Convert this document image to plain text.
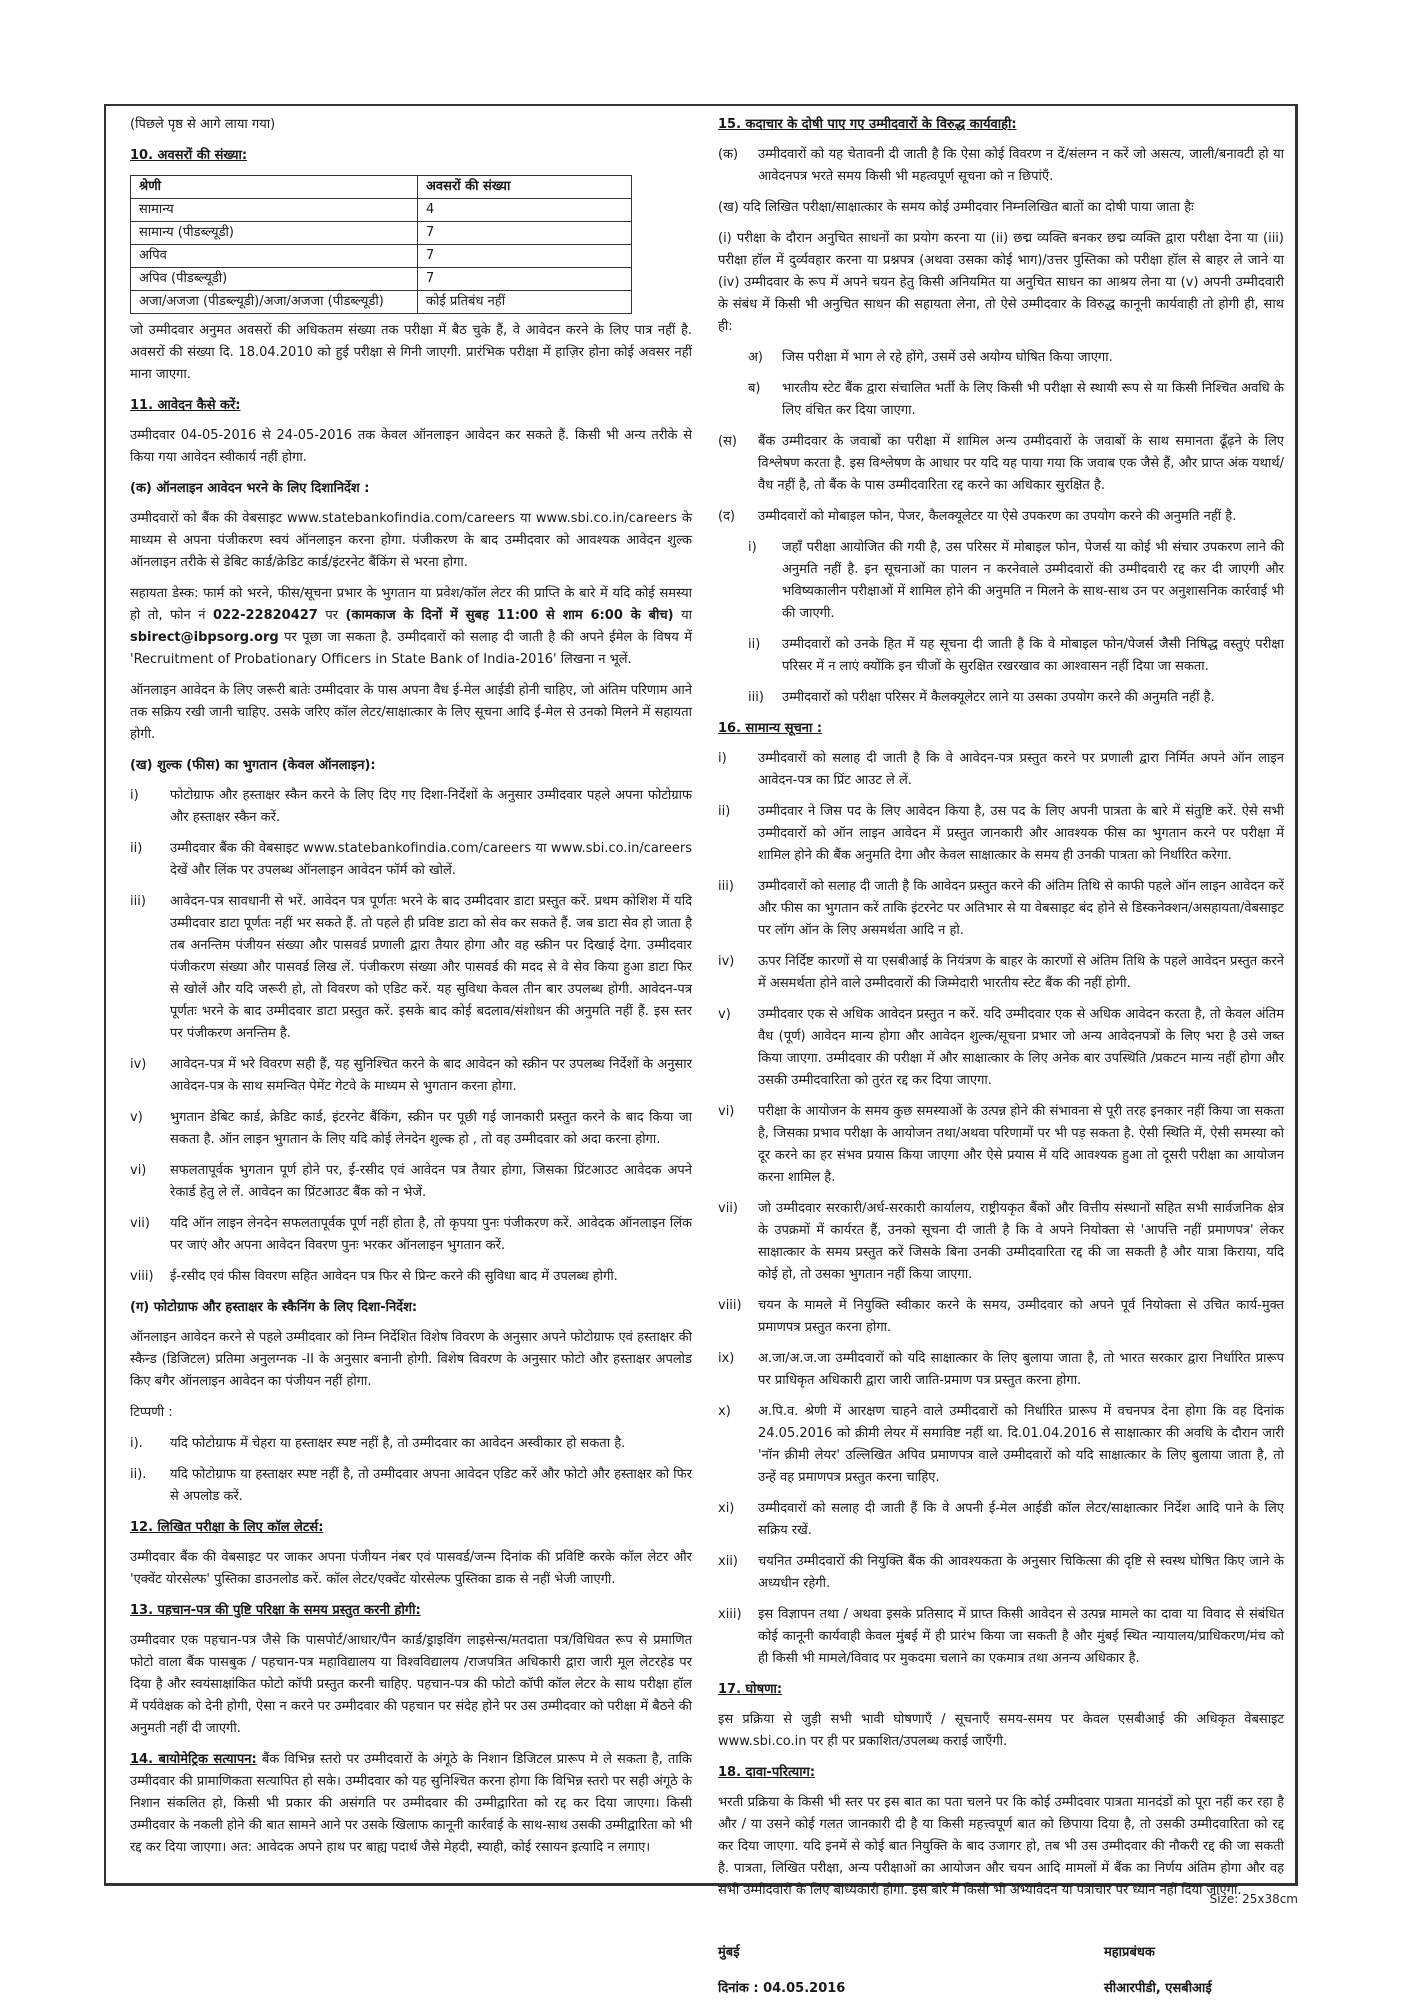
(पिछले पृष्ठ से आगे लाया गया)

10. अवसरों की संख्या:
श्रेणी	अवसरों की संख्या
सामान्य	4
सामान्य (पीडब्ल्यूडी)	7
अपिव	7
अपिव (पीडब्ल्यूडी)	7
अजा/अजजा (पीडब्ल्यूडी)/अजा/अजजा (पीडब्ल्यूडी)	कोई प्रतिबंध नहीं

जो उम्मीदवार अनुमत अवसरों की अधिकतम संख्या तक परीक्षा में बैठ चुके हैं, वे आवेदन करने के लिए पात्र नहीं है. अवसरों की संख्या दि. 18.04.2010 को हुई परीक्षा से गिनी जाएगी. प्रारंभिक परीक्षा में हाज़िर होना कोई अवसर नहीं माना जाएगा.

11. आवेदन कैसे करें:

उम्मीदवार 04-05-2016 से 24-05-2016 तक केवल ऑनलाइन आवेदन कर सकते हैं. किसी भी अन्य तरीके से किया गया आवेदन स्वीकार्य नहीं होगा.

(क) ऑनलाइन आवेदन भरने के लिए दिशानिर्देश :

उम्मीदवारों को बैंक की वेबसाइट www.statebankofindia.com/careers या www.sbi.co.in/careers के माध्यम से अपना पंजीकरण स्वयं ऑनलाइन करना होगा. पंजीकरण के बाद उम्मीदवार को आवश्यक आवेदन शुल्क ऑनलाइन तरीके से डेबिट कार्ड/क्रेडिट कार्ड/इंटरनेट बैंकिंग से भरना होगा.

सहायता डेस्क: फार्म को भरने, फीस/सूचना प्रभार के भुगतान या प्रवेश/कॉल लेटर की प्राप्ति के बारे में यदि कोई समस्या हो तो, फोन नं 022-22820427 पर (कामकाज के दिनों में सुबह 11:00 से शाम 6:00 के बीच) या sbirect@ibpsorg.org पर पूछा जा सकता है. उम्मीदवारों को सलाह दी जाती है की अपने ईमेल के विषय में 'Recruitment of Probationary Officers in State Bank of India-2016' लिखना न भूलें.

ऑनलाइन आवेदन के लिए जरूरी बातेः उम्मीदवार के पास अपना वैध ई-मेल आईडी होनी चाहिए, जो अंतिम परिणाम आने तक सक्रिय रखी जानी चाहिए. उसके जरिए कॉल लेटर/साक्षात्कार के लिए सूचना आदि ई-मेल से उनको मिलने में सहायता होगी.

(ख) शुल्क (फीस) का भुगतान (केवल ऑनलाइन):
i)	फोटोग्राफ और हस्ताक्षर स्कैन करने के लिए दिए गए दिशा-निर्देशों के अनुसार उम्मीदवार पहले अपना फोटोग्राफ और हस्ताक्षर स्कैन करें.
ii)	उम्मीदवार बैंक की वेबसाइट www.statebankofindia.com/careers या www.sbi.co.in/careers देखें और लिंक पर उपलब्ध ऑनलाइन आवेदन फॉर्म को खोलें.
iii)	आवेदन-पत्र सावधानी से भरें. आवेदन पत्र पूर्णतः भरने के बाद उम्मीदवार डाटा प्रस्तुत करें. प्रथम कोशिश में यदि उम्मीदवार डाटा पूर्णतः नहीं भर सकते हैं. तो पहले ही प्रविष्ट डाटा को सेव कर सकते हैं. जब डाटा सेव हो जाता है तब अनन्तिम पंजीयन संख्या और पासवर्ड प्रणाली द्वारा तैयार होगा और वह स्क्रीन पर दिखाई देगा. उम्मीदवार पंजीकरण संख्या और पासवर्ड लिख लें. पंजीकरण संख्या और पासवर्ड की मदद से वे सेव किया हुआ डाटा फिर से खोलें और यदि जरूरी हो, तो विवरण को एडिट करें. यह सुविधा केवल तीन बार उपलब्ध होगी. आवेदन-पत्र पूर्णतः भरने के बाद उम्मीदवार डाटा प्रस्तुत करें. इसके बाद कोई बदलाव/संशोधन की अनुमति नहीं हैं. इस स्तर पर पंजीकरण अनन्तिम है.
iv)	आवेदन-पत्र में भरे विवरण सही हैं, यह सुनिश्चित करने के बाद आवेदन को स्क्रीन पर उपलब्ध निर्देशों के अनुसार आवेदन-पत्र के साथ समन्वित पेमेंट गेटवे के माध्यम से भुगतान करना होगा.
v)	भुगतान डेबिट कार्ड, क्रेडिट कार्ड, इंटरनेट बैंकिंग, स्क्रीन पर पूछी गई जानकारी प्रस्तुत करने के बाद किया जा सकता है. ऑन लाइन भुगतान के लिए यदि कोई लेनदेन शुल्क हो , तो वह उम्मीदवार को अदा करना होगा.
vi)	सफलतापूर्वक भुगतान पूर्ण होने पर, ई-रसीद एवं आवेदन पत्र तैयार होगा, जिसका प्रिंटआउट आवेदक अपने रेकार्ड हेतु ले लें. आवेदन का प्रिंटआउट बैंक को न भेजें.
vii)	यदि ऑन लाइन लेनदेन सफलतापूर्वक पूर्ण नहीं होता है, तो कृपया पुनः पंजीकरण करें. आवेदक ऑनलाइन लिंक पर जाएं और अपना आवेदन विवरण पुनः भरकर ऑनलाइन भुगतान करें.
viii)	ई-रसीद एवं फीस विवरण सहित आवेदन पत्र फिर से प्रिन्ट करने की सुविधा बाद में उपलब्ध होगी.
(ग) फोटोग्राफ और हस्ताक्षर के स्कैनिंग के लिए दिशा-निर्देश:

ऑनलाइन आवेदन करने से पहले उम्मीदवार को निम्न निर्देशित विशेष विवरण के अनुसार अपने फोटोग्राफ एवं हस्ताक्षर की स्कैन्ड (डिजिटल) प्रतिमा अनुलग्नक -II के अनुसार बनानी होगी. विशेष विवरण के अनुसार फोटो और हस्ताक्षर अपलोड किए बगैर ऑनलाइन आवेदन का पंजीयन नहीं होगा.

टिप्पणी :

i).	यदि फोटोग्राफ में चेहरा या हस्ताक्षर स्पष्ट नहीं है, तो उम्मीदवार का आवेदन अस्वीकार हो सकता है.
ii).	यदि फोटोग्राफ या हस्ताक्षर स्पष्ट नहीं है, तो उम्मीदवार अपना आवेदन एडिट करें और फोटो और हस्ताक्षर को फिर से अपलोड करें.
12. लिखित परीक्षा के लिए कॉल लेटर्स:

उम्मीदवार बैंक की वेबसाइट पर जाकर अपना पंजीयन नंबर एवं पासवर्ड/जन्म दिनांक की प्रविष्टि करके कॉल लेटर और 'एक्वेंट योरसेल्फ' पुस्तिका डाउनलोड करें. कॉल लेटर/एक्वेंट योरसेल्फ पुस्तिका डाक से नहीं भेजी जाएगी.

13. पहचान-पत्र की पुष्टि परिक्षा के समय प्रस्तुत करनी होगी:

उम्मीदवार एक पहचान-पत्र जैसे कि पासपोर्ट/आधार/पैन कार्ड/ड्राइविंग लाइसेन्स/मतदाता पत्र/विधिवत रूप से प्रमाणित फोटो वाला बैंक पासबुक / पहचान-पत्र महाविद्यालय या विश्वविद्यालय /राजपत्रित अधिकारी द्वारा जारी मूल लेटरहेड पर दिया है और स्वयंसाक्षांकित फोटो कॉपी प्रस्तुत करनी चाहिए. पहचान-पत्र की फोटो कॉपी कॉल लेटर के साथ परीक्षा हॉल में पर्यवेक्षक को देनी होगी, ऐसा न करने पर उम्मीदवार की पहचान पर संदेह होने पर उस उम्मीदवार को परीक्षा में बैठने की अनुमती नहीं दी जाएगी.

14. बायोमेट्रिक सत्यापन: बैंक विभिन्न स्तरो पर उम्मीदवारों के अंगूठे के निशान डिजिटल प्रारूप मे ले सकता है, ताकि उम्मीदवार की प्रामाणिकता सत्यापित हो सके। उम्मीदवार को यह सुनिश्चित करना होगा कि विभिन्न स्तरो पर सही अंगूठे के निशान संकलित हो, किसी भी प्रकार की असंगति पर उम्मीदवार की उम्मीद्वारिता को रद्द कर दिया जाएगा। किसी उम्मीदवार के नकली होने की बात सामने आने पर उसके खिलाफ कानूनी कार्रवाई के साथ-साथ उसकी उम्मीद्वारिता को भी रद्द कर दिया जाएगा। अत: आवेदक अपने हाथ पर बाह्य पदार्थ जैसे मेहदी, स्याही, कोई रसायन इत्यादि न लगाए।

15. कदाचार के दोषी पाए गए उम्मीदवारों के विरुद्ध कार्यवाही:
(क)	उम्मीदवारों को यह चेतावनी दी जाती है कि ऐसा कोई विवरण न दें/संलग्न न करें जो असत्य, जाली/बनावटी हो या आवेदनपत्र भरते समय किसी भी महत्वपूर्ण सूचना को न छिपांएँ.

(ख) यदि लिखित परीक्षा/साक्षात्कार के समय कोई उम्मीदवार निम्नलिखित बातों का दोषी पाया जाता हैः

(i) परीक्षा के दौरान अनुचित साधनों का प्रयोग करना या (ii) छद्म व्यक्ति बनकर छद्म व्यक्ति द्वारा परीक्षा देना या (iii) परीक्षा हॉल में दुर्व्यवहार करना या प्रश्नपत्र (अथवा उसका कोई भाग)/उत्तर पुस्तिका को परीक्षा हॉल से बाहर ले जाने या (iv) उम्मीदवार के रूप में अपने चयन हेतु किसी अनियमित या अनुचित साधन का आश्रय लेना या (v) अपनी उम्मीदवारी के संबंध में किसी भी अनुचित साधन की सहायता लेना, तो ऐसे उम्मीदवार के विरुद्ध कानूनी कार्यवाही तो होगी ही, साथ ही:

अ)	जिस परीक्षा में भाग ले रहे होंगे, उसमें उसे अयोग्य घोषित किया जाएगा.
ब)	भारतीय स्टेट बैंक द्वारा संचालित भर्ती के लिए किसी भी परीक्षा से स्थायी रूप से या किसी निश्चित अवधि के लिए वंचित कर दिया जाएगा.
(स)	बैंक उम्मीदवार के जवाबों का परीक्षा में शामिल अन्य उम्मीदवारों के जवाबों के साथ समानता ढूँढ़ने के लिए विश्लेषण करता है. इस विश्लेषण के आधार पर यदि यह पाया गया कि जवाब एक जैसे हैं, और प्राप्त अंक यथार्थ/वैध नहीं है, तो बैंक के पास उम्मीदवारिता रद्द करने का अधिकार सुरक्षित है.
(द)	उम्मीदवारों को मोबाइल फोन, पेजर, कैलक्यूलेटर या ऐसे उपकरण का उपयोग करने की अनुमति नहीं है.
i)	जहाँ परीक्षा आयोजित की गयी है, उस परिसर में मोबाइल फोन, पेजर्स या कोई भी संचार उपकरण लाने की अनुमति नहीं है. इन सूचनाओं का पालन न करनेवाले उम्मीदवारों की उम्मीदवारी रद्द कर दी जाएगी और भविष्यकालीन परीक्षाओं में शामिल होने की अनुमति न मिलने के साथ-साथ उन पर अनुशासनिक कार्रवाई भी की जाएगी.
ii)	उम्मीदवारों को उनके हित में यह सूचना दी जाती है कि वे मोबाइल फोन/पेजर्स जैसी निषिद्ध वस्तुएं परीक्षा परिसर में न लाएं क्योंकि इन चीजों के सुरक्षित रखरखाव का आश्वासन नहीं दिया जा सकता.
iii)	उम्मीदवारों को परीक्षा परिसर में कैलक्यूलेटर लाने या उसका उपयोग करने की अनुमति नहीं है.
16. सामान्य सूचना :
i)	उम्मीदवारों को सलाह दी जाती है कि वे आवेदन-पत्र प्रस्तुत करने पर प्रणाली द्वारा निर्मित अपने ऑन लाइन आवेदन-पत्र का प्रिंट आउट ले लें.
ii)	उम्मीदवार ने जिस पद के लिए आवेदन किया है, उस पद के लिए अपनी पात्रता के बारे में संतुष्टि करें. ऐसे सभी उम्मीदवारों को ऑन लाइन आवेदन में प्रस्तुत जानकारी और आवश्यक फीस का भुगतान करने पर परीक्षा में शामिल होने की बैंक अनुमति देगा और केवल साक्षात्कार के समय ही उनकी पात्रता को निर्धारित करेगा.
iii)	उम्मीदवारों को सलाह दी जाती है कि आवेदन प्रस्तुत करने की अंतिम तिथि से काफी पहले ऑन लाइन आवेदन करें और फीस का भुगतान करें ताकि इंटरनेट पर अतिभार से या वेबसाइट बंद होने से डिस्कनेक्शन/असहायता/वेबसाइट पर लॉग ऑन के लिए असमर्थता आदि न हो.
iv)	ऊपर निर्दिष्ट कारणों से या एसबीआई के नियंत्रण के बाहर के कारणों से अंतिम तिथि के पहले आवेदन प्रस्तुत करने में असमर्थता होने वाले उम्मीदवारों की जिम्मेदारी भारतीय स्टेट बैंक की नहीं होगी.
v)	उम्मीदवार एक से अधिक आवेदन प्रस्तुत न करें. यदि उम्मीदवार एक से अधिक आवेदन करता है, तो केवल अंतिम वैध (पूर्ण) आवेदन मान्य होगा और आवेदन शुल्क/सूचना प्रभार जो अन्य आवेदनपत्रों के लिए भरा है उसे जब्त किया जाएगा. उम्मीदवार की परीक्षा में और साक्षात्कार के लिए अनेक बार उपस्थिति /प्रकटन मान्य नहीं होगा और उसकी उम्मीदवारिता को तुरंत रद्द कर दिया जाएगा.
vi)	परीक्षा के आयोजन के समय कुछ समस्याओं के उत्पन्न होने की संभावना से पूरी तरह इनकार नहीं किया जा सकता है, जिसका प्रभाव परीक्षा के आयोजन तथा/अथवा परिणामों पर भी पड़ सकता है. ऐसी स्थिति में, ऐसी समस्या को दूर करने का हर संभव प्रयास किया जाएगा और ऐसे प्रयास में यदि आवश्यक हुआ तो दूसरी परीक्षा का आयोजन करना शामिल है.
vii)	जो उम्मीदवार सरकारी/अर्ध-सरकारी कार्यालय, राष्ट्रीयकृत बैंकों और वित्तीय संस्थानों सहित सभी सार्वजनिक क्षेत्र के उपक्रमों में कार्यरत हैं, उनको सूचना दी जाती है कि वे अपने नियोक्ता से 'आपत्ति नहीं प्रमाणपत्र' लेकर साक्षात्कार के समय प्रस्तुत करें जिसके बिना उनकी उम्मीदवारिता रद्द की जा सकती है और यात्रा किराया, यदि कोई हो, तो उसका भुगतान नहीं किया जाएगा.
viii)	चयन के मामले में नियुक्ति स्वीकार करने के समय, उम्मीदवार को अपने पूर्व नियोक्ता से उचित कार्य-मुक्त प्रमाणपत्र प्रस्तुत करना होगा.
ix)	अ.जा/अ.ज.जा उम्मीदवारों को यदि साक्षात्कार के लिए बुलाया जाता है, तो भारत सरकार द्वारा निर्धारित प्रारूप पर प्राधिकृत अधिकारी द्वारा जारी जाति-प्रमाण पत्र प्रस्तुत करना होगा.
x)	अ.पि.व. श्रेणी में आरक्षण चाहने वाले उम्मीदवारों को निर्धारित प्रारूप में वचनपत्र देना होगा कि वह दिनांक 24.05.2016 को क्रीमी लेयर में समाविष्ट नहीं था. दि.01.04.2016 से साक्षात्कार की अवधि के दौरान जारी 'नॉन क्रीमी लेयर' उल्लिखित अपिव प्रमाणपत्र वाले उम्मीदवारों को यदि साक्षात्कार के लिए बुलाया जाता है, तो उन्हें वह प्रमाणपत्र प्रस्तुत करना चाहिए.
xi)	उम्मीदवारों को सलाह दी जाती हैं कि वे अपनी ई-मेल आईडी कॉल लेटर/साक्षात्कार निर्देश आदि पाने के लिए सक्रिय रखें.
xii)	चयनित उम्मीदवारों की नियुक्ति बैंक की आवश्यकता के अनुसार चिकित्सा की दृष्टि से स्वस्थ घोषित किए जाने के अध्यधीन रहेगी.
xiii)	इस विज्ञापन तथा / अथवा इसके प्रतिसाद में प्राप्त किसी आवेदन से उत्पन्न मामले का दावा या विवाद से संबंधित कोई कानूनी कार्यवाही केवल मुंबई में ही प्रारंभ किया जा सकती है और मुंबई स्थित न्यायालय/प्राधिकरण/मंच को ही किसी भी मामले/विवाद पर मुकदमा चलाने का एकमात्र तथा अनन्य अधिकार है.
17. घोषणा:

इस प्रक्रिया से जुड़ी सभी भावी घोषणाएँ / सूचनाएँ समय-समय पर केवल एसबीआई की अधिकृत वेबसाइट www.sbi.co.in पर ही पर प्रकाशित/उपलब्ध कराई जाएँगी.

18. दावा-परित्याग:

भरती प्रक्रिया के किसी भी स्तर पर इस बात का पता चलने पर कि कोई उम्मीदवार पात्रता मानदंडों को पूरा नहीं कर रहा है और / या उसने कोई गलत जानकारी दी है या किसी महत्त्वपूर्ण बात को छिपाया दिया है, तो उसकी उम्मीदवारिता को रद्द कर दिया जाएगा. यदि इनमें से कोई बात नियुक्ति के बाद उजागर हो, तब भी उस उम्मीदवार की नौकरी रद्द की जा सकती है. पात्रता, लिखित परीक्षा, अन्य परीक्षाओं का आयोजन और चयन आदि मामलों में बैंक का निर्णय अंतिम होगा और वह सभी उम्मीदवारों के लिए बाध्यकारी होगा. इस बारे में किसी भी अभ्यावेदन या पत्राचार पर ध्यान नहीं दिया जाएगा.

मुंबई

दिनांक : 04.05.2016

महाप्रबंधक

सीआरपीडी, एसबीआई

Size: 25x38cm
